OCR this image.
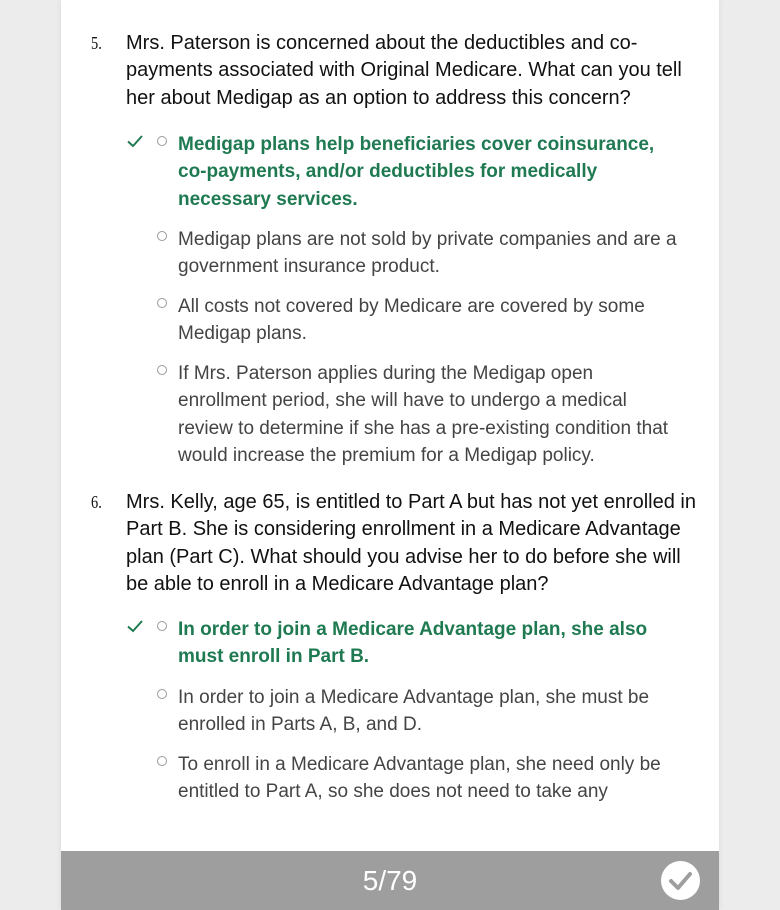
5. Mrs. Paterson is concerned about the deductibles and co-payments associated with Original Medicare. What can you tell her about Medigap as an option to address this concern?
Medigap plans help beneficiaries cover coinsurance, co-payments, and/or deductibles for medically necessary services.
Medigap plans are not sold by private companies and are a government insurance product.
All costs not covered by Medicare are covered by some Medigap plans.
If Mrs. Paterson applies during the Medigap open enrollment period, she will have to undergo a medical review to determine if she has a pre-existing condition that would increase the premium for a Medigap policy.
6. Mrs. Kelly, age 65, is entitled to Part A but has not yet enrolled in Part B. She is considering enrollment in a Medicare Advantage plan (Part C). What should you advise her to do before she will be able to enroll in a Medicare Advantage plan?
In order to join a Medicare Advantage plan, she also must enroll in Part B.
In order to join a Medicare Advantage plan, she must be enrolled in Parts A, B, and D.
To enroll in a Medicare Advantage plan, she need only be entitled to Part A, so she does not need to take any
5/79
